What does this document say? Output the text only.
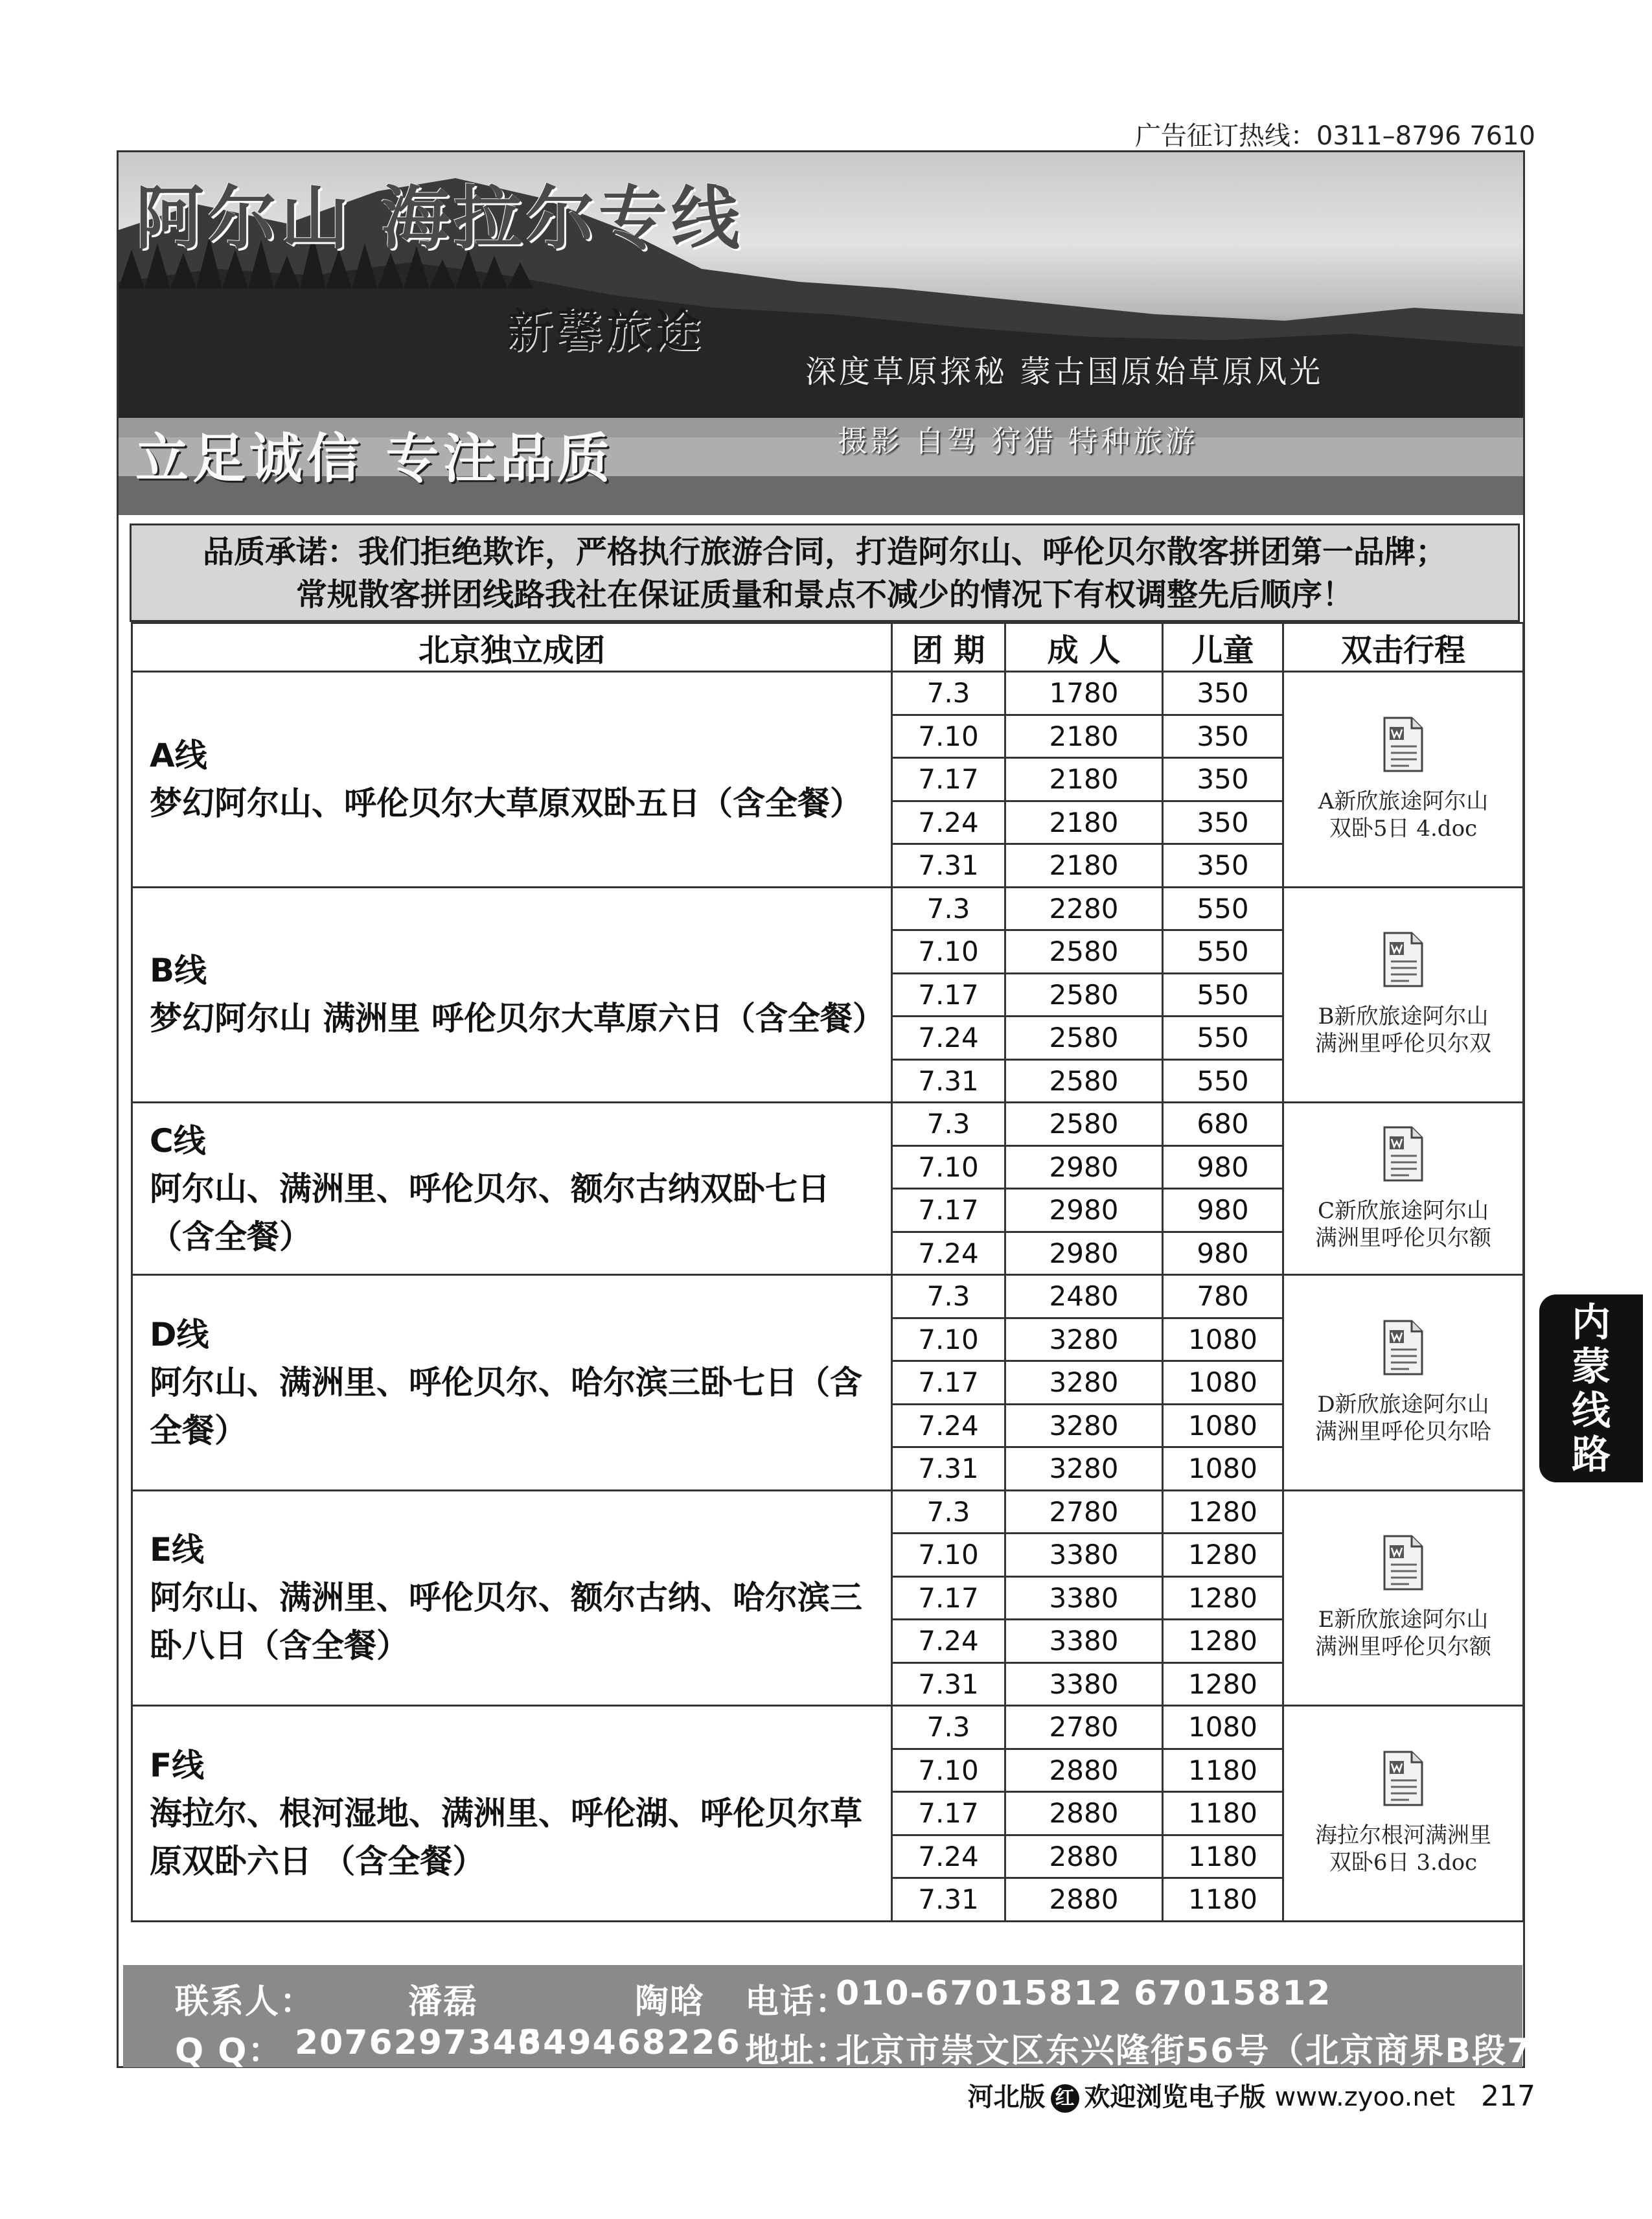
广告征订热线：0311–8796 7610
阿尔山 海拉尔专线
新馨旅途
深度草原探秘 蒙古国原始草原风光
立足诚信 专注品质	摄影 自驾 狩猎 特种旅游
品质承诺：我们拒绝欺诈，严格执行旅游合同，打造阿尔山、呼伦贝尔散客拼团第一品牌；
常规散客拼团线路我社在保证质量和景点不减少的情况下有权调整先后顺序！
北京独立成团	团 期	成 人	儿童	双击行程

A线
梦幻阿尔山、呼伦贝尔大草原双卧五日（含全餐）	7.3	1780	350	A新欣旅途阿尔山
双卧5日 4.doc

	7.10	2180	350	
	7.17	2180	350	
	7.24	2180	350	
	7.31	2180	350	

B线
梦幻阿尔山 满洲里 呼伦贝尔大草原六日（含全餐）	7.3	2280	550	B新欣旅途阿尔山
满洲里呼伦贝尔双

	7.10	2580	550	
	7.17	2580	550	
	7.24	2580	550	
	7.31	2580	550	

C线
阿尔山、满洲里、呼伦贝尔、额尔古纳双卧七日（含全餐）	7.3	2580	680	C新欣旅途阿尔山
满洲里呼伦贝尔额

	7.10	2980	980	
	7.17	2980	980	
	7.24	2980	980	

D线
阿尔山、满洲里、呼伦贝尔、哈尔滨三卧七日（含全餐）	7.3	2480	780	D新欣旅途阿尔山
满洲里呼伦贝尔哈

	7.10	3280	1080	
	7.17	3280	1080	
	7.24	3280	1080	
	7.31	3280	1080	

E线
阿尔山、满洲里、呼伦贝尔、额尔古纳、哈尔滨三卧八日（含全餐）	7.3	2780	1280	E新欣旅途阿尔山
满洲里呼伦贝尔额

	7.10	3380	1280	
	7.17	3380	1280	
	7.24	3380	1280	
	7.31	3380	1280	

F线
海拉尔、根河湿地、满洲里、呼伦湖、呼伦贝尔草原双卧六日 （含全餐）	7.3	2780	1080	海拉尔根河满洲里
双卧6日 3.doc

	7.10	2880	1180	
	7.17	2880	1180	
	7.24	2880	1180	
	7.31	2880	1180	
内
蒙
线
路
联系人：	潘磊	陶晗 电话：
010-67015812 67015812
Q Q： 2076297346
349468226 地址：
北京市崇文区东兴隆街56号（北京商界B段740室）
河北版 红 欢迎浏览电子版 www.zyoo.net 217
